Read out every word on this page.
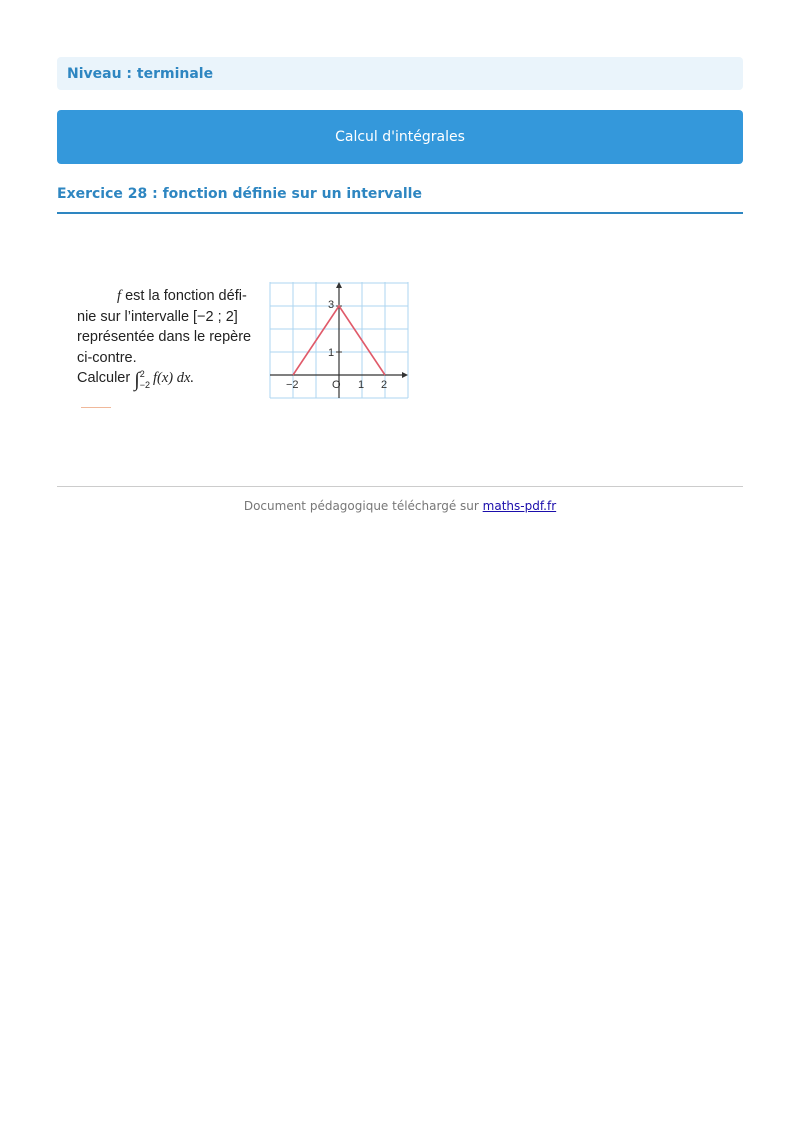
Niveau : terminale
Calcul d'intégrales
Exercice 28 : fonction définie sur un intervalle
f est la fonction défi-
nie sur l’intervalle [−2 ; 2]
représentée dans le repère
ci-contre.
Calculer ∫ 2
−2 f(x) dx.	−2	O 1 2
1
3
Document pédagogique téléchargé sur maths-pdf.fr
